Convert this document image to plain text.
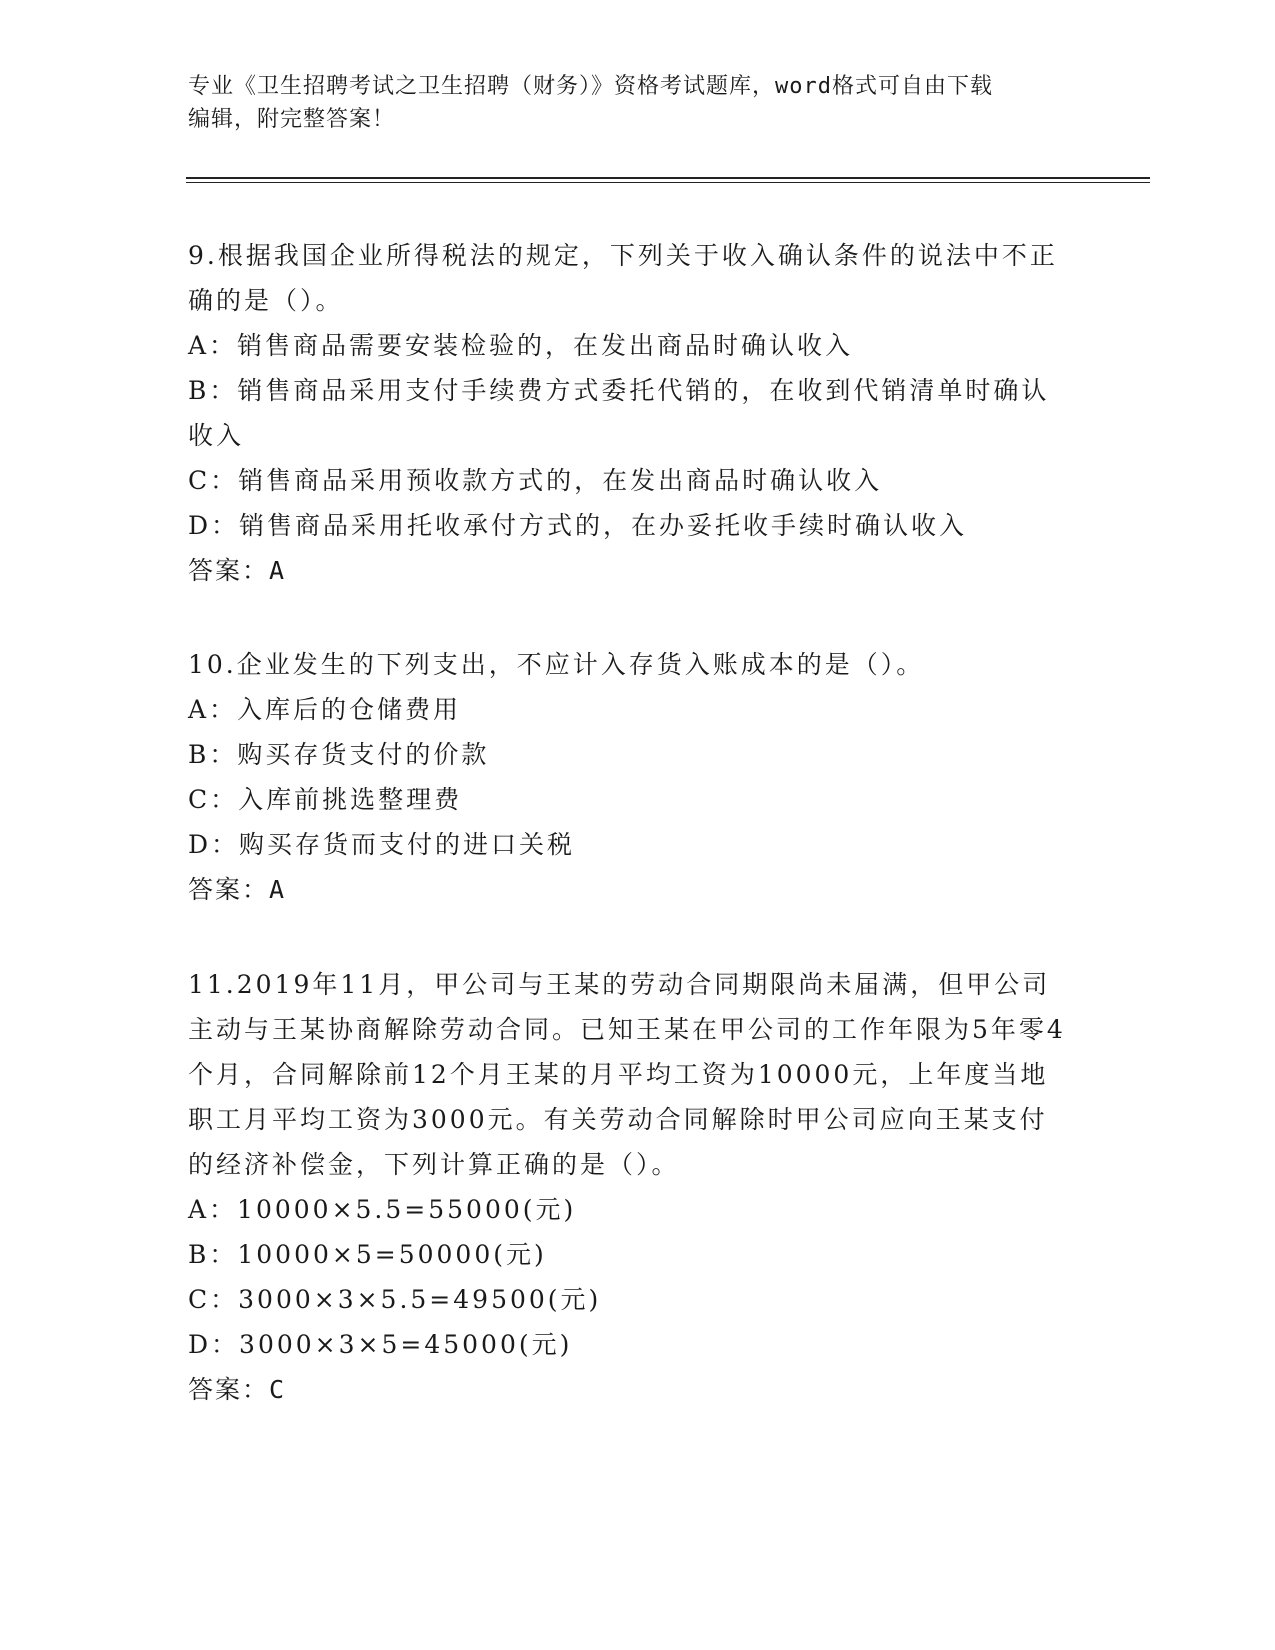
专业《卫生招聘考试之卫生招聘（财务）》资格考试题库，word格式可自由下载
编辑，附完整答案！

9.根据我国企业所得税法的规定，下列关于收入确认条件的说法中不正确的是（）。

A：销售商品需要安装检验的，在发出商品时确认收入

B：销售商品采用支付手续费方式委托代销的，在收到代销清单时确认收入

C：销售商品采用预收款方式的，在发出商品时确认收入

D：销售商品采用托收承付方式的，在办妥托收手续时确认收入

答案：A

10.企业发生的下列支出，不应计入存货入账成本的是（）。

A：入库后的仓储费用

B：购买存货支付的价款

C：入库前挑选整理费

D：购买存货而支付的进口关税

答案：A

11.2019年11月，甲公司与王某的劳动合同期限尚未届满，但甲公司主动与王某协商解除劳动合同。已知王某在甲公司的工作年限为5年零4个月，合同解除前12个月王某的月平均工资为10000元，上年度当地职工月平均工资为3000元。有关劳动合同解除时甲公司应向王某支付的经济补偿金，下列计算正确的是（）。

A：10000×5.5=55000(元)

B：10000×5=50000(元)

C：3000×3×5.5=49500(元)

D：3000×3×5=45000(元)

答案：C
